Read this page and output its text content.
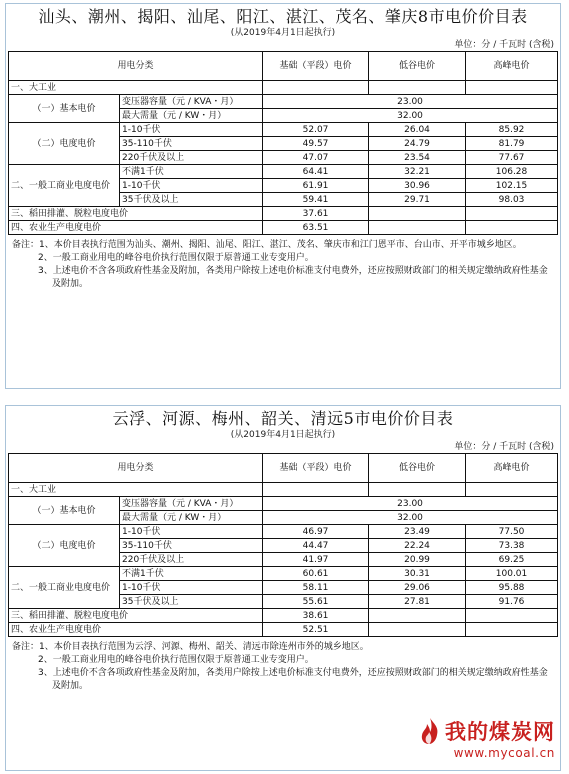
汕头、潮州、揭阳、汕尾、阳江、湛江、茂名、肇庆8市电价价目表
(从2019年4月1日起执行)
单位：分 / 千瓦时 (含税)
用电分类		基础（平段）电价	低谷电价	高峰电价
一、大工业				
（一）基本电价	变压器容量（元 / KVA・月）	23.00		
	最大需量（元 / KW・月）	32.00		
（二）电度电价	1-10千伏	52.07	26.04	85.92
	35-110千伏	49.57	24.79	81.79
	220千伏及以上	47.07	23.54	77.67
二、一般工商业电度电价	不满1千伏	64.41	32.21	106.28
	1-10千伏	61.91	30.96	102.15
	35千伏及以上	59.41	29.71	98.03
三、稻田排灌、脱粒电度电价		37.61		
四、农业生产电度电价		63.51		
备注：1、本价目表执行范围为汕头、潮州、揭阳、汕尾、阳江、湛江、茂名、肇庆市和江门恩平市、台山市、开平市城乡地区。
2、一般工商业用电的峰谷电价执行范围仅限于原普通工业专变用户。
3、上述电价不含各项政府性基金及附加，各类用户除按上述电价标准支付电费外，还应按照财政部门的相关规定缴纳政府性基金及附加。
云浮、河源、梅州、韶关、清远5市电价价目表
(从2019年4月1日起执行)
单位：分 / 千瓦时 (含税)
用电分类		基础（平段）电价	低谷电价	高峰电价
一、大工业				
（一）基本电价	变压器容量（元 / KVA・月）	23.00		
	最大需量（元 / KW・月）	32.00		
（二）电度电价	1-10千伏	46.97	23.49	77.50
	35-110千伏	44.47	22.24	73.38
	220千伏及以上	41.97	20.99	69.25
二、一般工商业电度电价	不满1千伏	60.61	30.31	100.01
	1-10千伏	58.11	29.06	95.88
	35千伏及以上	55.61	27.81	91.76
三、稻田排灌、脱粒电度电价		38.61		
四、农业生产电度电价		52.51		
备注：1、本价目表执行范围为云浮、河源、梅州、韶关、清远市除连州市外的城乡地区。
2、一般工商业用电的峰谷电价执行范围仅限于原普通工业专变用户。
3、上述电价不含各项政府性基金及附加，各类用户除按上述电价标准支付电费外，还应按照财政部门的相关规定缴纳政府性基金及附加。
我的煤炭网
www.mycoal.cn
